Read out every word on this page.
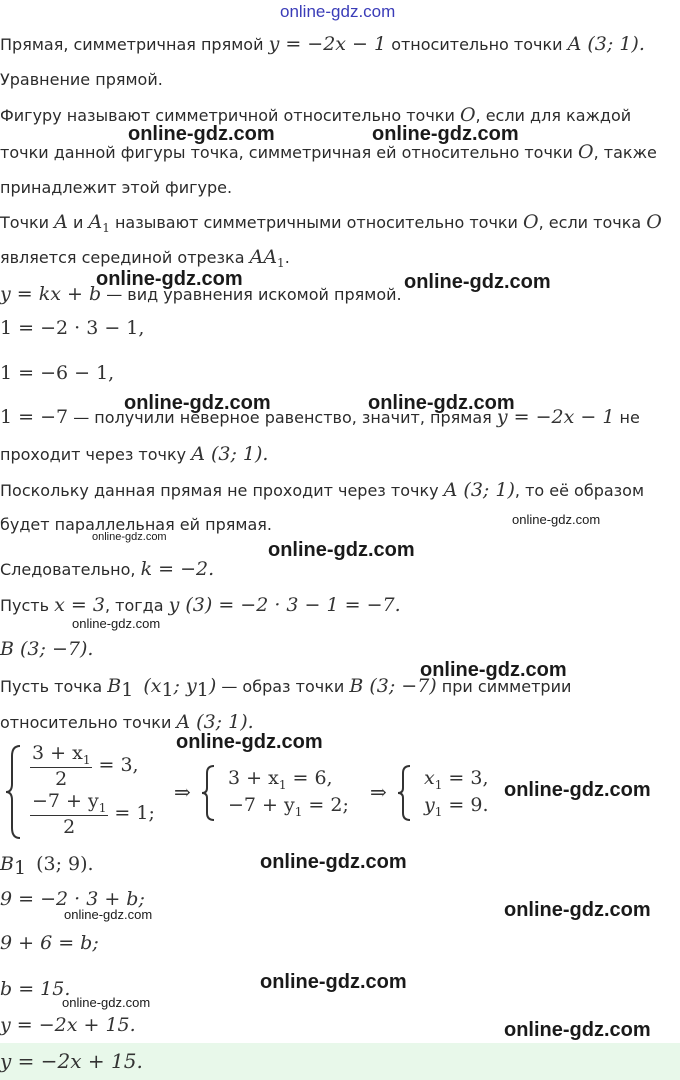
online-gdz.com
Прямая, симметричная прямой y = −2x − 1 относительно точки A (3; 1).
Уравнение прямой.
Фигуру называют симметричной относительно точки O, если для каждой
точки данной фигуры точка, симметричная ей относительно точки O, также
принадлежит этой фигуре.
Точки A и $A_1$ называют симметричными относительно точки O, если точка O
является серединой отрезка $AA_1$.
y = kx + b — вид уравнения искомой прямой.
1 = −2 · 3 − 1,
1 = −6 − 1,
1 = −7 — получили неверное равенство, значит, прямая y = −2x − 1 не
проходит через точку A (3; 1).
Поскольку данная прямая не проходит через точку A (3; 1), то её образом
будет параллельная ей прямая.
Следовательно, k = −2.
Пусть x = 3, тогда y (3) = −2 · 3 − 1 = −7.
B (3; −7).
Пусть точка $B_1$ ($x_1$; $y_1$) — образ точки B (3; −7) при симметрии
относительно точки A (3; 1).
$\frac{3 + x_1}{2} = 3$,
$\frac{-7 + y_1}{2} = 1$;
⇒
$3 + x_1 = 6$,
$-7 + y_1 = 2$;
⇒
$x_1 = 3$,
$y_1 = 9$.
$B_1$ (3; 9).
9 = −2 · 3 + b;
9 + 6 = b;
b = 15.
y = −2x + 15.
y = −2x + 15.
online-gdz.com	online-gdz.com
online-gdz.com	online-gdz.com
online-gdz.com	online-gdz.com
online-gdz.com
online-gdz.com
online-gdz.com
online-gdz.com
online-gdz.com
online-gdz.com
online-gdz.com
online-gdz.com
online-gdz.com	online-gdz.com
online-gdz.com
online-gdz.com
online-gdz.com
